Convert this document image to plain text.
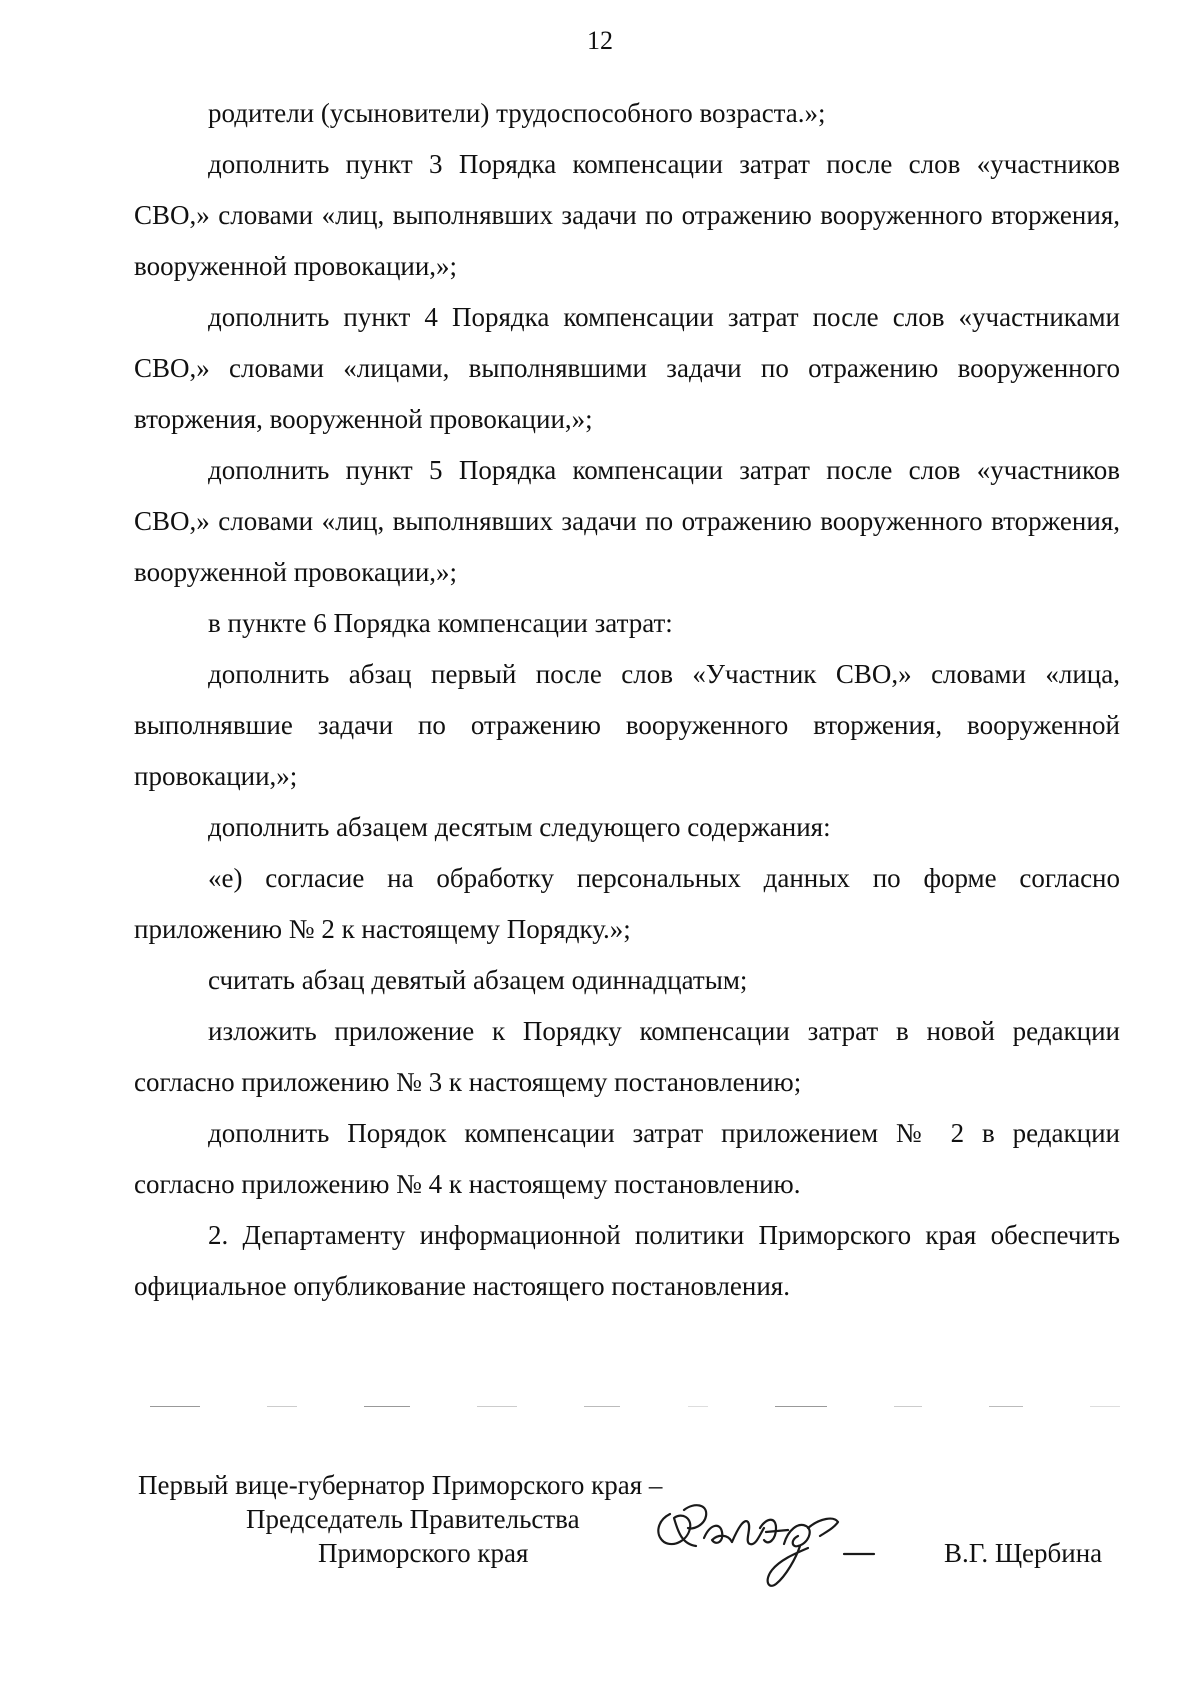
12

родители (усыновители) трудоспособного возраста.»;

дополнить пункт 3 Порядка компенсации затрат после слов «участников СВО,» словами «лиц, выполнявших задачи по отражению вооруженного вторжения, вооруженной провокации,»;

дополнить пункт 4 Порядка компенсации затрат после слов «участниками СВО,» словами «лицами, выполнявшими задачи по отражению вооруженного вторжения, вооруженной провокации,»;

дополнить пункт 5 Порядка компенсации затрат после слов «участников СВО,» словами «лиц, выполнявших задачи по отражению вооруженного вторжения, вооруженной провокации,»;

в пункте 6 Порядка компенсации затрат:

дополнить абзац первый после слов «Участник СВО,» словами «лица, выполнявшие задачи по отражению вооруженного вторжения, вооруженной провокации,»;

дополнить абзацем десятым следующего содержания:

«е) согласие на обработку персональных данных по форме согласно приложению № 2 к настоящему Порядку.»;

считать абзац девятый абзацем одиннадцатым;

изложить приложение к Порядку компенсации затрат в новой редакции согласно приложению № 3 к настоящему постановлению;

дополнить Порядок компенсации затрат приложением № 2 в редакции согласно приложению № 4 к настоящему постановлению.

2. Департаменту информационной политики Приморского края обеспечить официальное опубликование настоящего постановления.

Первый вице-губернатор Приморского края –
Председатель Правительства
Приморского края	В.Г. Щербина
